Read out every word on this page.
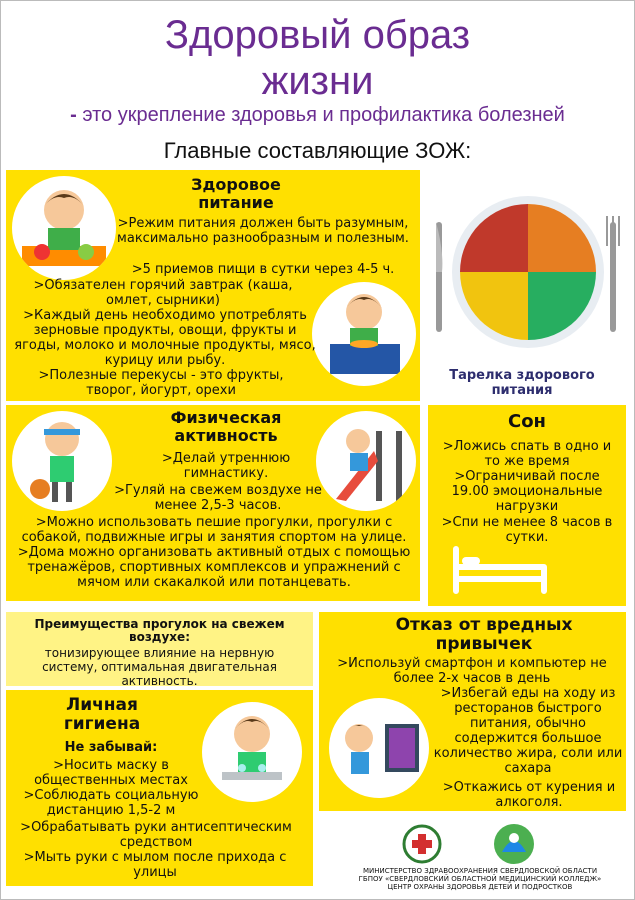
Здоровый образ
жизни
- это укрепление здоровья и профилактика болезней
Главные составляющие ЗОЖ:
Здоровое
питание
>Режим питания должен быть разумным, максимально разнообразным и полезным.
>5 приемов пищи в сутки через 4-5 ч.
>Обязателен горячий завтрак (каша, омлет, сырники)
>Каждый день необходимо употреблять зерновые продукты, овощи, фрукты и ягоды, молоко и молочные продукты, мясо, курицу или рыбу.
>Полезные перекусы - это фрукты, творог, йогурт, орехи
Тарелка здорового питания
Физическая
активность
>Делай утреннюю гимнастику.
>Гуляй на свежем воздухе не менее 2,5-3 часов.
>Можно использовать пешие прогулки, прогулки с собакой, подвижные игры и занятия спортом на улице.
>Дома можно организовать активный отдых с помощью тренажёров, спортивных комплексов и упражнений с мячом или скакалкой или потанцевать.
Сон
>Ложись спать в одно и то же время
>Ограничивай после 19.00 эмоциональные нагрузки
>Спи не менее 8 часов в сутки.
Преимущества прогулок на свежем воздухе:
тонизирующее влияние на нервную систему, оптимальная двигательная активность.
Личная
гигиена
Не забывай:
>Носить маску в общественных местах
>Соблюдать социальную дистанцию 1,5-2 м
>Обрабатывать руки антисептическим средством
>Мыть руки с мылом после прихода с улицы
Отказ от вредных
привычек
>Используй смартфон и компьютер не более 2-х часов в день
>Избегай еды на ходу из ресторанов быстрого питания, обычно содержится большое количество жира, соли или сахара
>Откажись от курения и алкоголя.
МИНИСТЕРСТВО ЗДРАВООХРАНЕНИЯ СВЕРДЛОВСКОЙ ОБЛАСТИ
ГБПОУ «СВЕРДЛОВСКИЙ ОБЛАСТНОЙ МЕДИЦИНСКИЙ КОЛЛЕДЖ»
ЦЕНТР ОХРАНЫ ЗДОРОВЬЯ ДЕТЕЙ И ПОДРОСТКОВ
